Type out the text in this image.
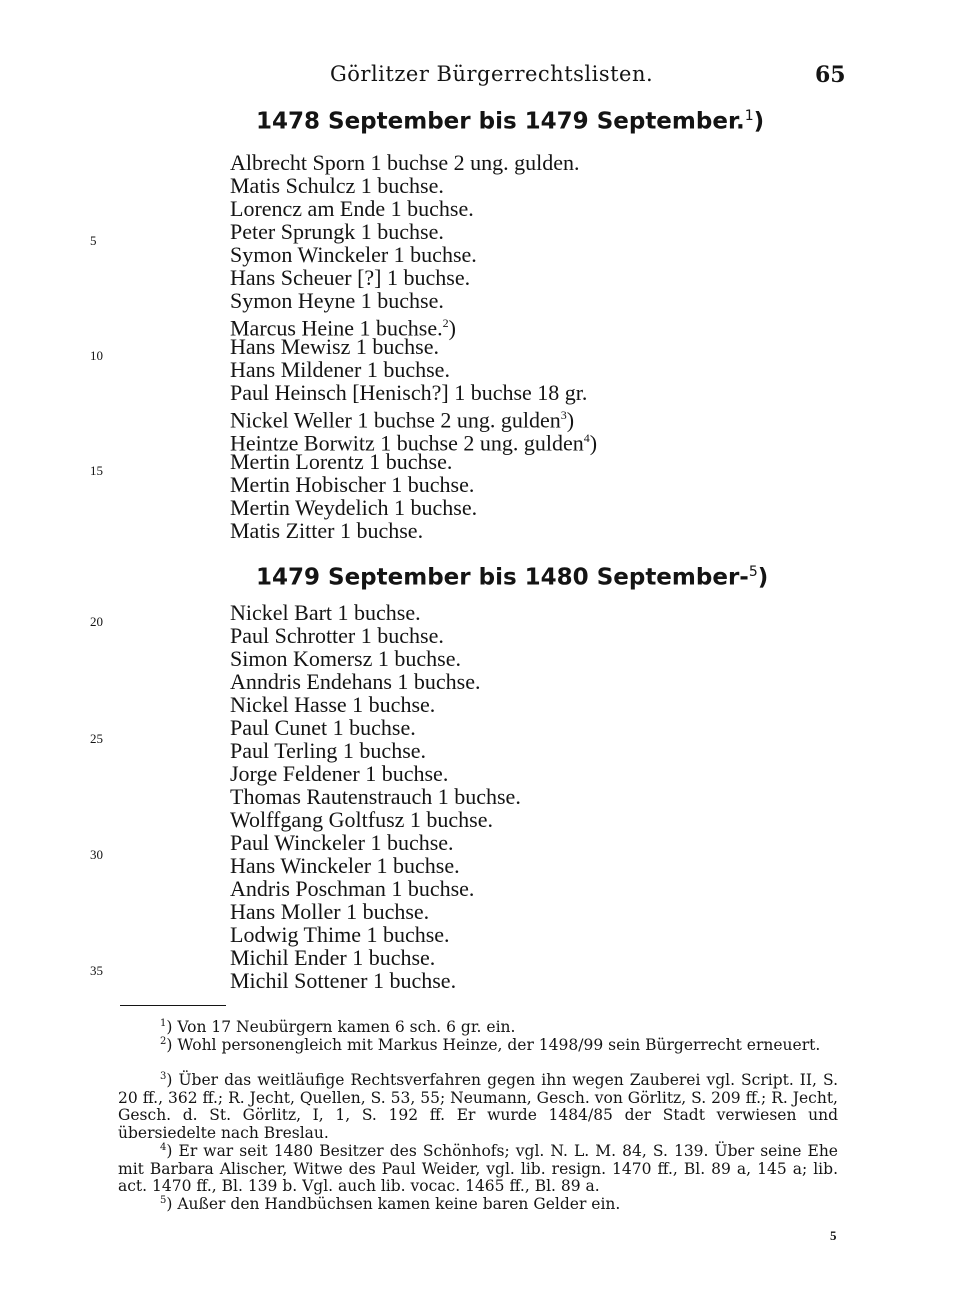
Görlitzer Bürgerrechtslisten.	65
1478 September bis 1479 September.$^1$)
Albrecht Sporn 1 buchse 2 ung. gulden.
Matis Schulcz 1 buchse.
Lorencz am Ende 1 buchse.
Peter Sprungk 1 buchse.
Symon Winckeler 1 buchse.
Hans Scheuer [?] 1 buchse.
Symon Heyne 1 buchse.
Marcus Heine 1 buchse.$^2$)
Hans Mewisz 1 buchse.
Hans Mildener 1 buchse.
Paul Heinsch [Henisch?] 1 buchse 18 gr.
Nickel Weller 1 buchse 2 ung. gulden$^3$)
Heintze Borwitz 1 buchse 2 ung. gulden$^4$)
Mertin Lorentz 1 buchse.
Mertin Hobischer 1 buchse.
Mertin Weydelich 1 buchse.
Matis Zitter 1 buchse.
1479 September bis 1480 September-$^5$)
Nickel Bart 1 buchse.
Paul Schrotter 1 buchse.
Simon Komersz 1 buchse.
Anndris Endehans 1 buchse.
Nickel Hasse 1 buchse.
Paul Cunet 1 buchse.
Paul Terling 1 buchse.
Jorge Feldener 1 buchse.
Thomas Rautenstrauch 1 buchse.
Wolffgang Goltfusz 1 buchse.
Paul Winckeler 1 buchse.
Hans Winckeler 1 buchse.
Andris Poschman 1 buchse.
Hans Moller 1 buchse.
Lodwig Thime 1 buchse.
Michil Ender 1 buchse.
Michil Sottener 1 buchse.
5
10
15
20
25
30
35
$^1$) Von 17 Neubürgern kamen 6 sch. 6 gr. ein.
$^2$) Wohl personengleich mit Markus Heinze, der 1498/99 sein Bürgerrecht erneuert.
$^3$) Über das weitläufige Rechtsverfahren gegen ihn wegen Zauberei vgl. Script. II, S. 20 ff., 362 ff.; R. Jecht, Quellen, S. 53, 55; Neumann, Gesch. von Görlitz, S. 209 ff.; R. Jecht, Gesch. d. St. Görlitz, I, 1, S. 192 ff. Er wurde 1484/85 der Stadt verwiesen und übersiedelte nach Breslau.
$^4$) Er war seit 1480 Besitzer des Schönhofs; vgl. N. L. M. 84, S. 139. Über seine Ehe mit Barbara Alischer, Witwe des Paul Weider, vgl. lib. resign. 1470 ff., Bl. 89 a, 145 a; lib. act. 1470 ff., Bl. 139 b. Vgl. auch lib. vocac. 1465 ff., Bl. 89 a.
$^5$) Außer den Handbüchsen kamen keine baren Gelder ein.
5
